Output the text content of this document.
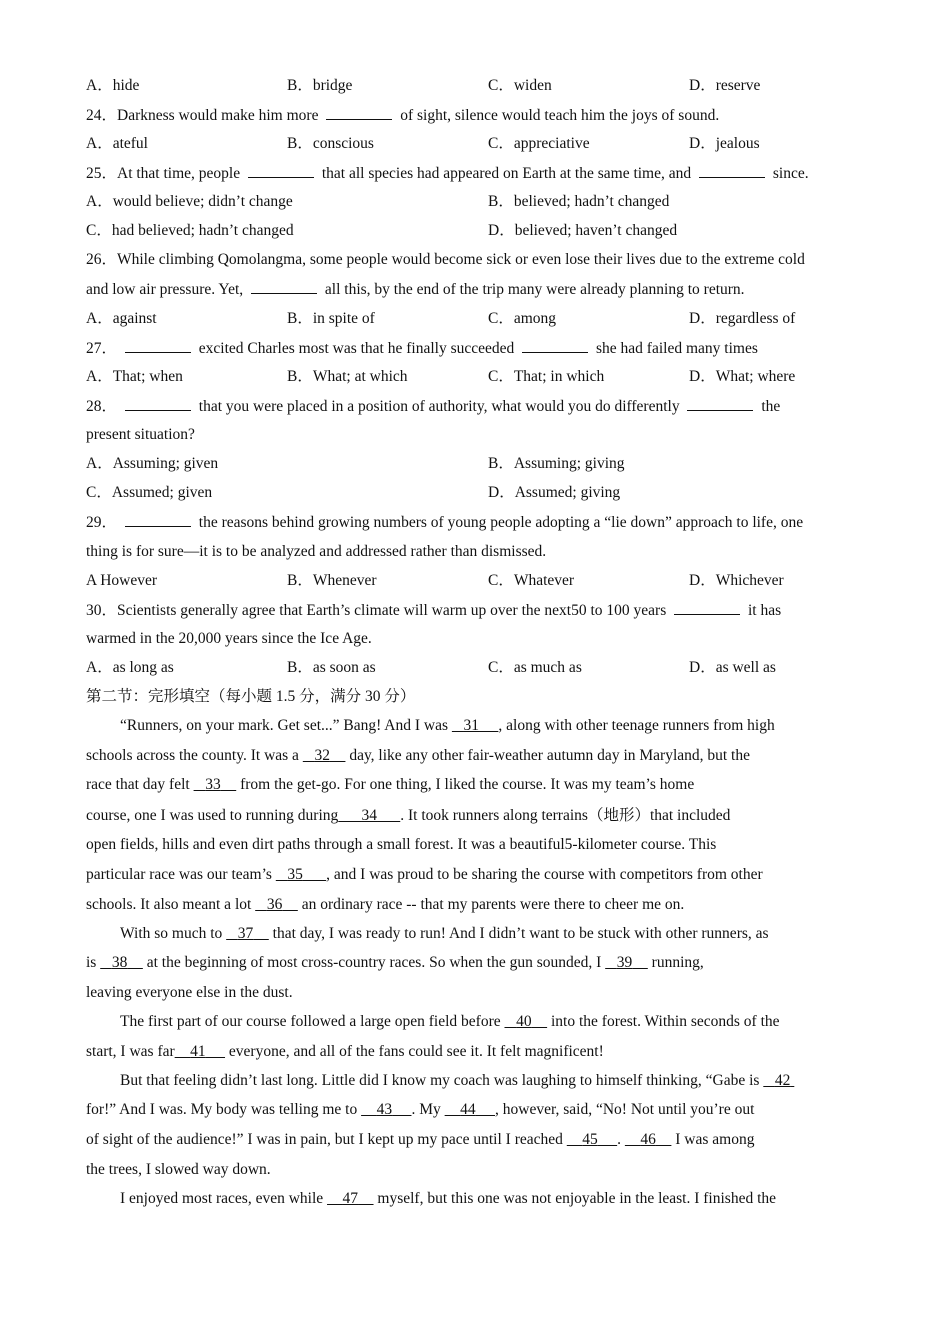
A．hide	B．bridge	C．widen	D．reserve
24．Darkness would make him more	of sight, silence would teach him the joys of sound.
A．ateful	B．conscious	C．appreciative	D．jealous
25．At that time, people	that all species had appeared on Earth at the same time, and	since.
A．would believe; didn’t change	B．believed; hadn’t changed
C．had believed; hadn’t changed	D．believed; haven’t changed
26．While climbing Qomolangma, some people would become sick or even lose their lives due to the extreme cold
and low air pressure. Yet,	all this, by the end of the trip many were already planning to return.
A．against	B．in spite of	C．among	D．regardless of
27．	excited Charles most was that he finally succeeded	she had failed many times
A．That; when	B．What; at which	C．That; in which	D．What; where
28．	that you were placed in a position of authority, what would you do differently	the
present situation?
A．Assuming; given	B．Assuming; giving
C．Assumed; given	D．Assumed; giving
29．	the reasons behind growing numbers of young people adopting a “lie down” approach to life, one
thing is for sure—it is to be analyzed and addressed rather than dismissed.
A However	B．Whenever	C．Whatever	D．Whichever
30．Scientists generally agree that Earth’s climate will warm up over the next50 to 100 years	it has
warmed in the 20,000 years since the Ice Age.
A．as long as	B．as soon as	C．as much as	D．as well as
第二节：完形填空（每小题 1.5 分，满分 30 分）
“Runners, on your mark. Get set...” Bang! And I was 31 , along with other teenage runners from high
schools across the county. It was a 32 day, like any other fair-weather autumn day in Maryland, but the
race that day felt 33 from the get-go. For one thing, I liked the course. It was my team’s home
course, one I was used to running during 34 . It took runners along terrains（地形）that included
open fields, hills and even dirt paths through a small forest. It was a beautiful5-kilometer course. This
particular race was our team’s 35 , and I was proud to be sharing the course with competitors from other
schools. It also meant a lot 36 an ordinary race -- that my parents were there to cheer me on.
With so much to 37 that day, I was ready to run! And I didn’t want to be stuck with other runners, as
is 38 at the beginning of most cross-country races. So when the gun sounded, I 39 running,
leaving everyone else in the dust.
The first part of our course followed a large open field before 40 into the forest. Within seconds of the
start, I was far 41 everyone, and all of the fans could see it. It felt magnificent!
But that feeling didn’t last long. Little did I know my coach was laughing to himself thinking, “Gabe is 42
for!” And I was. My body was telling me to 43 . My 44 , however, said, “No! Not until you’re out
of sight of the audience!” I was in pain, but I kept up my pace until I reached 45 . 46 I was among
the trees, I slowed way down.
I enjoyed most races, even while 47 myself, but this one was not enjoyable in the least. I finished the
